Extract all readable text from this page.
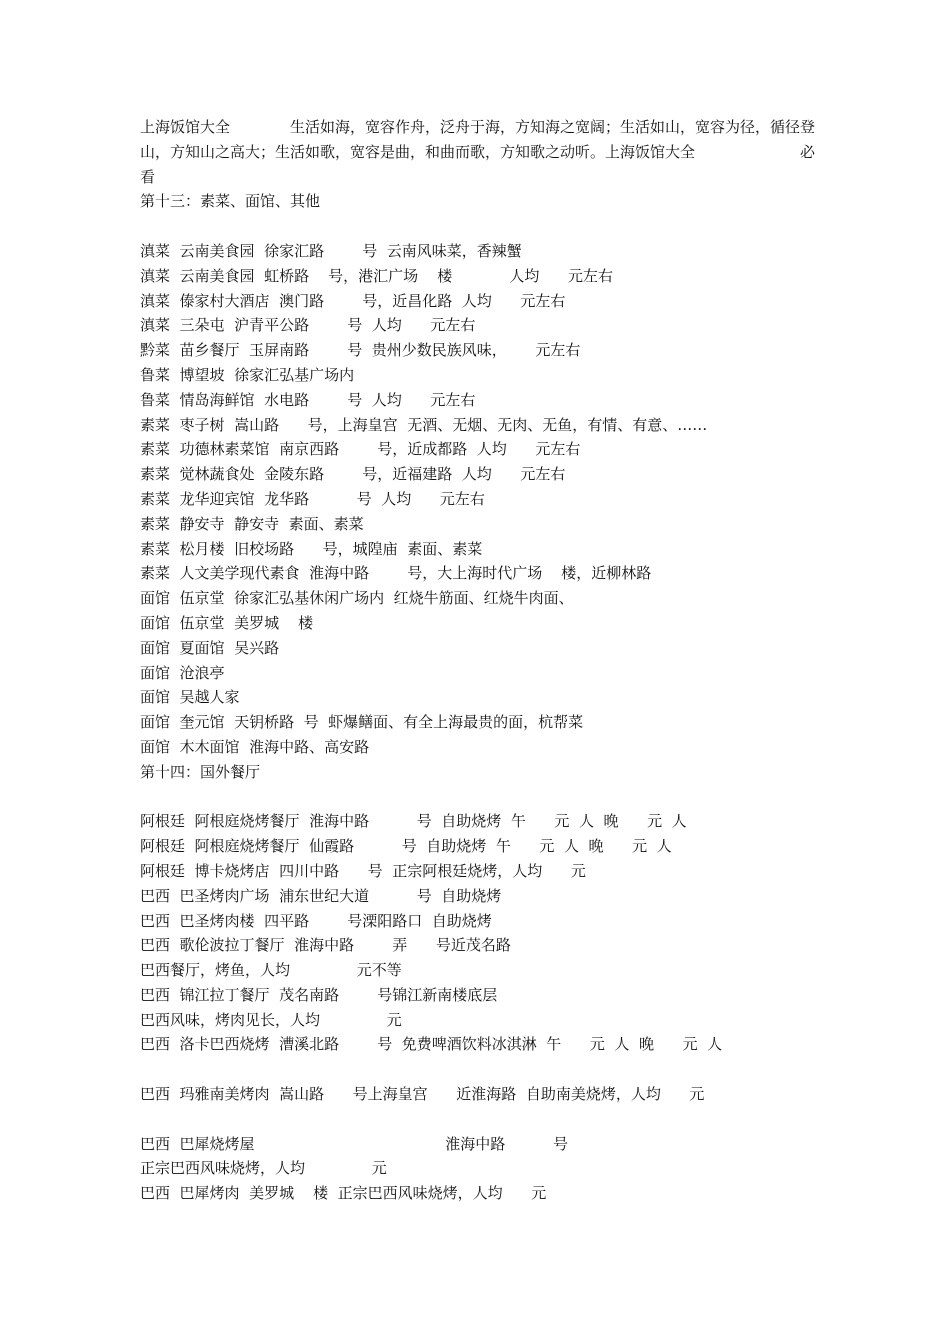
上海饭馆大全　　　　生活如海，宽容作舟，泛舟于海，方知海之宽阔；生活如山，宽容为径，循径登山，方知山之高大；生活如歌，宽容是曲，和曲而歌，方知歌之动听。上海饭馆大全　　　　　　　必看
第十三：素菜、面馆、其他
滇菜  云南美食园  徐家汇路        号  云南风味菜，香辣蟹
滇菜  云南美食园  虹桥路    号，港汇广场    楼            人均      元左右
滇菜  傣家村大酒店  澳门路        号，近昌化路  人均      元左右
滇菜  三朵屯  沪青平公路        号  人均      元左右
黔菜  苗乡餐厅  玉屏南路        号  贵州少数民族风味，      元左右
鲁菜  博望坡  徐家汇弘基广场内
鲁菜  情岛海鲜馆  水电路        号  人均      元左右
素菜  枣子树  嵩山路      号，上海皇宫  无酒、无烟、无肉、无鱼，有情、有意、……
素菜  功德林素菜馆  南京西路        号，近成都路  人均      元左右
素菜  觉林蔬食处  金陵东路        号，近福建路  人均      元左右
素菜  龙华迎宾馆  龙华路          号  人均      元左右
素菜  静安寺  静安寺  素面、素菜
素菜  松月楼  旧校场路      号，城隍庙  素面、素菜
素菜  人文美学现代素食  淮海中路        号，大上海时代广场    楼，近柳林路
面馆  伍京堂  徐家汇弘基休闲广场内  红烧牛筋面、红烧牛肉面、
面馆  伍京堂  美罗城    楼
面馆  夏面馆  吴兴路
面馆  沧浪亭
面馆  吴越人家
面馆  奎元馆  天钥桥路  号  虾爆鳝面、有全上海最贵的面，杭帮菜
面馆  木木面馆  淮海中路、高安路
第十四：国外餐厅
阿根廷  阿根庭烧烤餐厅  淮海中路          号  自助烧烤  午      元  人  晚      元  人
阿根廷  阿根庭烧烤餐厅  仙霞路          号  自助烧烤  午      元  人  晚      元  人
阿根廷  博卡烧烤店  四川中路      号  正宗阿根廷烧烤，人均      元
巴西  巴圣烤肉广场  浦东世纪大道          号  自助烧烤
巴西  巴圣烤肉楼  四平路        号溧阳路口  自助烧烤
巴西  歌伦波拉丁餐厅  淮海中路        弄      号近茂名路
巴西餐厅，烤鱼，人均              元不等
巴西  锦江拉丁餐厅  茂名南路        号锦江新南楼底层
巴西风味，烤肉见长，人均              元
巴西  洛卡巴西烧烤  漕溪北路        号  免费啤酒饮料冰淇淋  午      元  人  晚      元  人
巴西  玛雅南美烤肉  嵩山路      号上海皇宫      近淮海路  自助南美烧烤，人均      元
巴西  巴犀烧烤屋                                        淮海中路          号
正宗巴西风味烧烤，人均              元
巴西  巴犀烤肉  美罗城    楼  正宗巴西风味烧烤，人均      元
